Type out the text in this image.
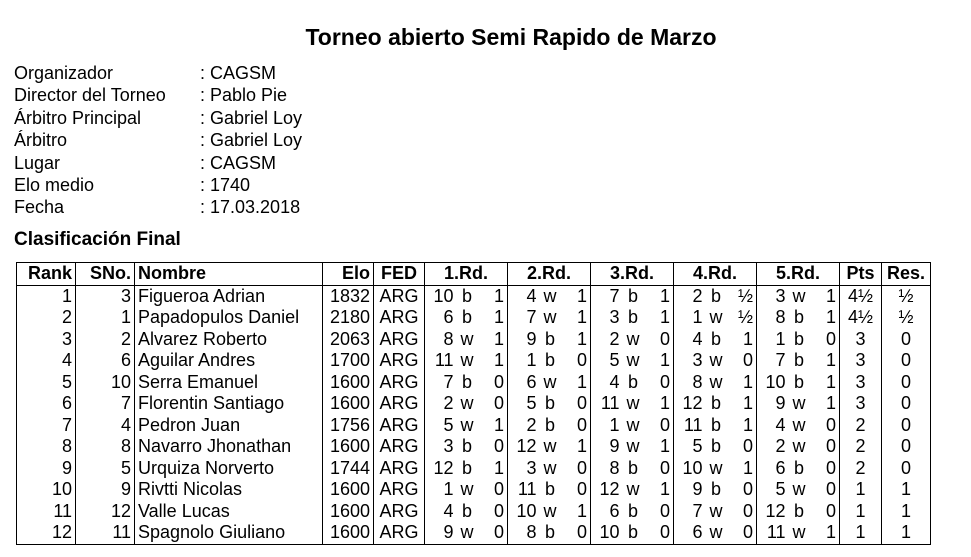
Torneo abierto Semi Rapido de Marzo
Organizador	: CAGSM
Director del Torneo	: Pablo Pie
Árbitro Principal	: Gabriel Loy
Árbitro	: Gabriel Loy
Lugar	: CAGSM
Elo medio	: 1740
Fecha	: 17.03.2018
Clasificación Final
Rank	SNo.	Nombre	Elo	FED	1.Rd.			2.Rd.			3.Rd.			4.Rd.			5.Rd.			Pts	Res.
1	3	Figueroa Adrian	1832	ARG	10	b	1	4	w	1	7	b	1	2	b	½	3	w	1	4½	½
2	1	Papadopulos Daniel	2180	ARG	6	b	1	7	w	1	3	b	1	1	w	½	8	b	1	4½	½
3	2	Alvarez Roberto	2063	ARG	8	w	1	9	b	1	2	w	0	4	b	1	1	b	0	3	0
4	6	Aguilar Andres	1700	ARG	11	w	1	1	b	0	5	w	1	3	w	0	7	b	1	3	0
5	10	Serra Emanuel	1600	ARG	7	b	0	6	w	1	4	b	0	8	w	1	10	b	1	3	0
6	7	Florentin Santiago	1600	ARG	2	w	0	5	b	0	11	w	1	12	b	1	9	w	1	3	0
7	4	Pedron Juan	1756	ARG	5	w	1	2	b	0	1	w	0	11	b	1	4	w	0	2	0
8	8	Navarro Jhonathan	1600	ARG	3	b	0	12	w	1	9	w	1	5	b	0	2	w	0	2	0
9	5	Urquiza Norverto	1744	ARG	12	b	1	3	w	0	8	b	0	10	w	1	6	b	0	2	0
10	9	Rivtti Nicolas	1600	ARG	1	w	0	11	b	0	12	w	1	9	b	0	5	w	0	1	1
11	12	Valle Lucas	1600	ARG	4	b	0	10	w	1	6	b	0	7	w	0	12	b	0	1	1
12	11	Spagnolo Giuliano	1600	ARG	9	w	0	8	b	0	10	b	0	6	w	0	11	w	1	1	1
